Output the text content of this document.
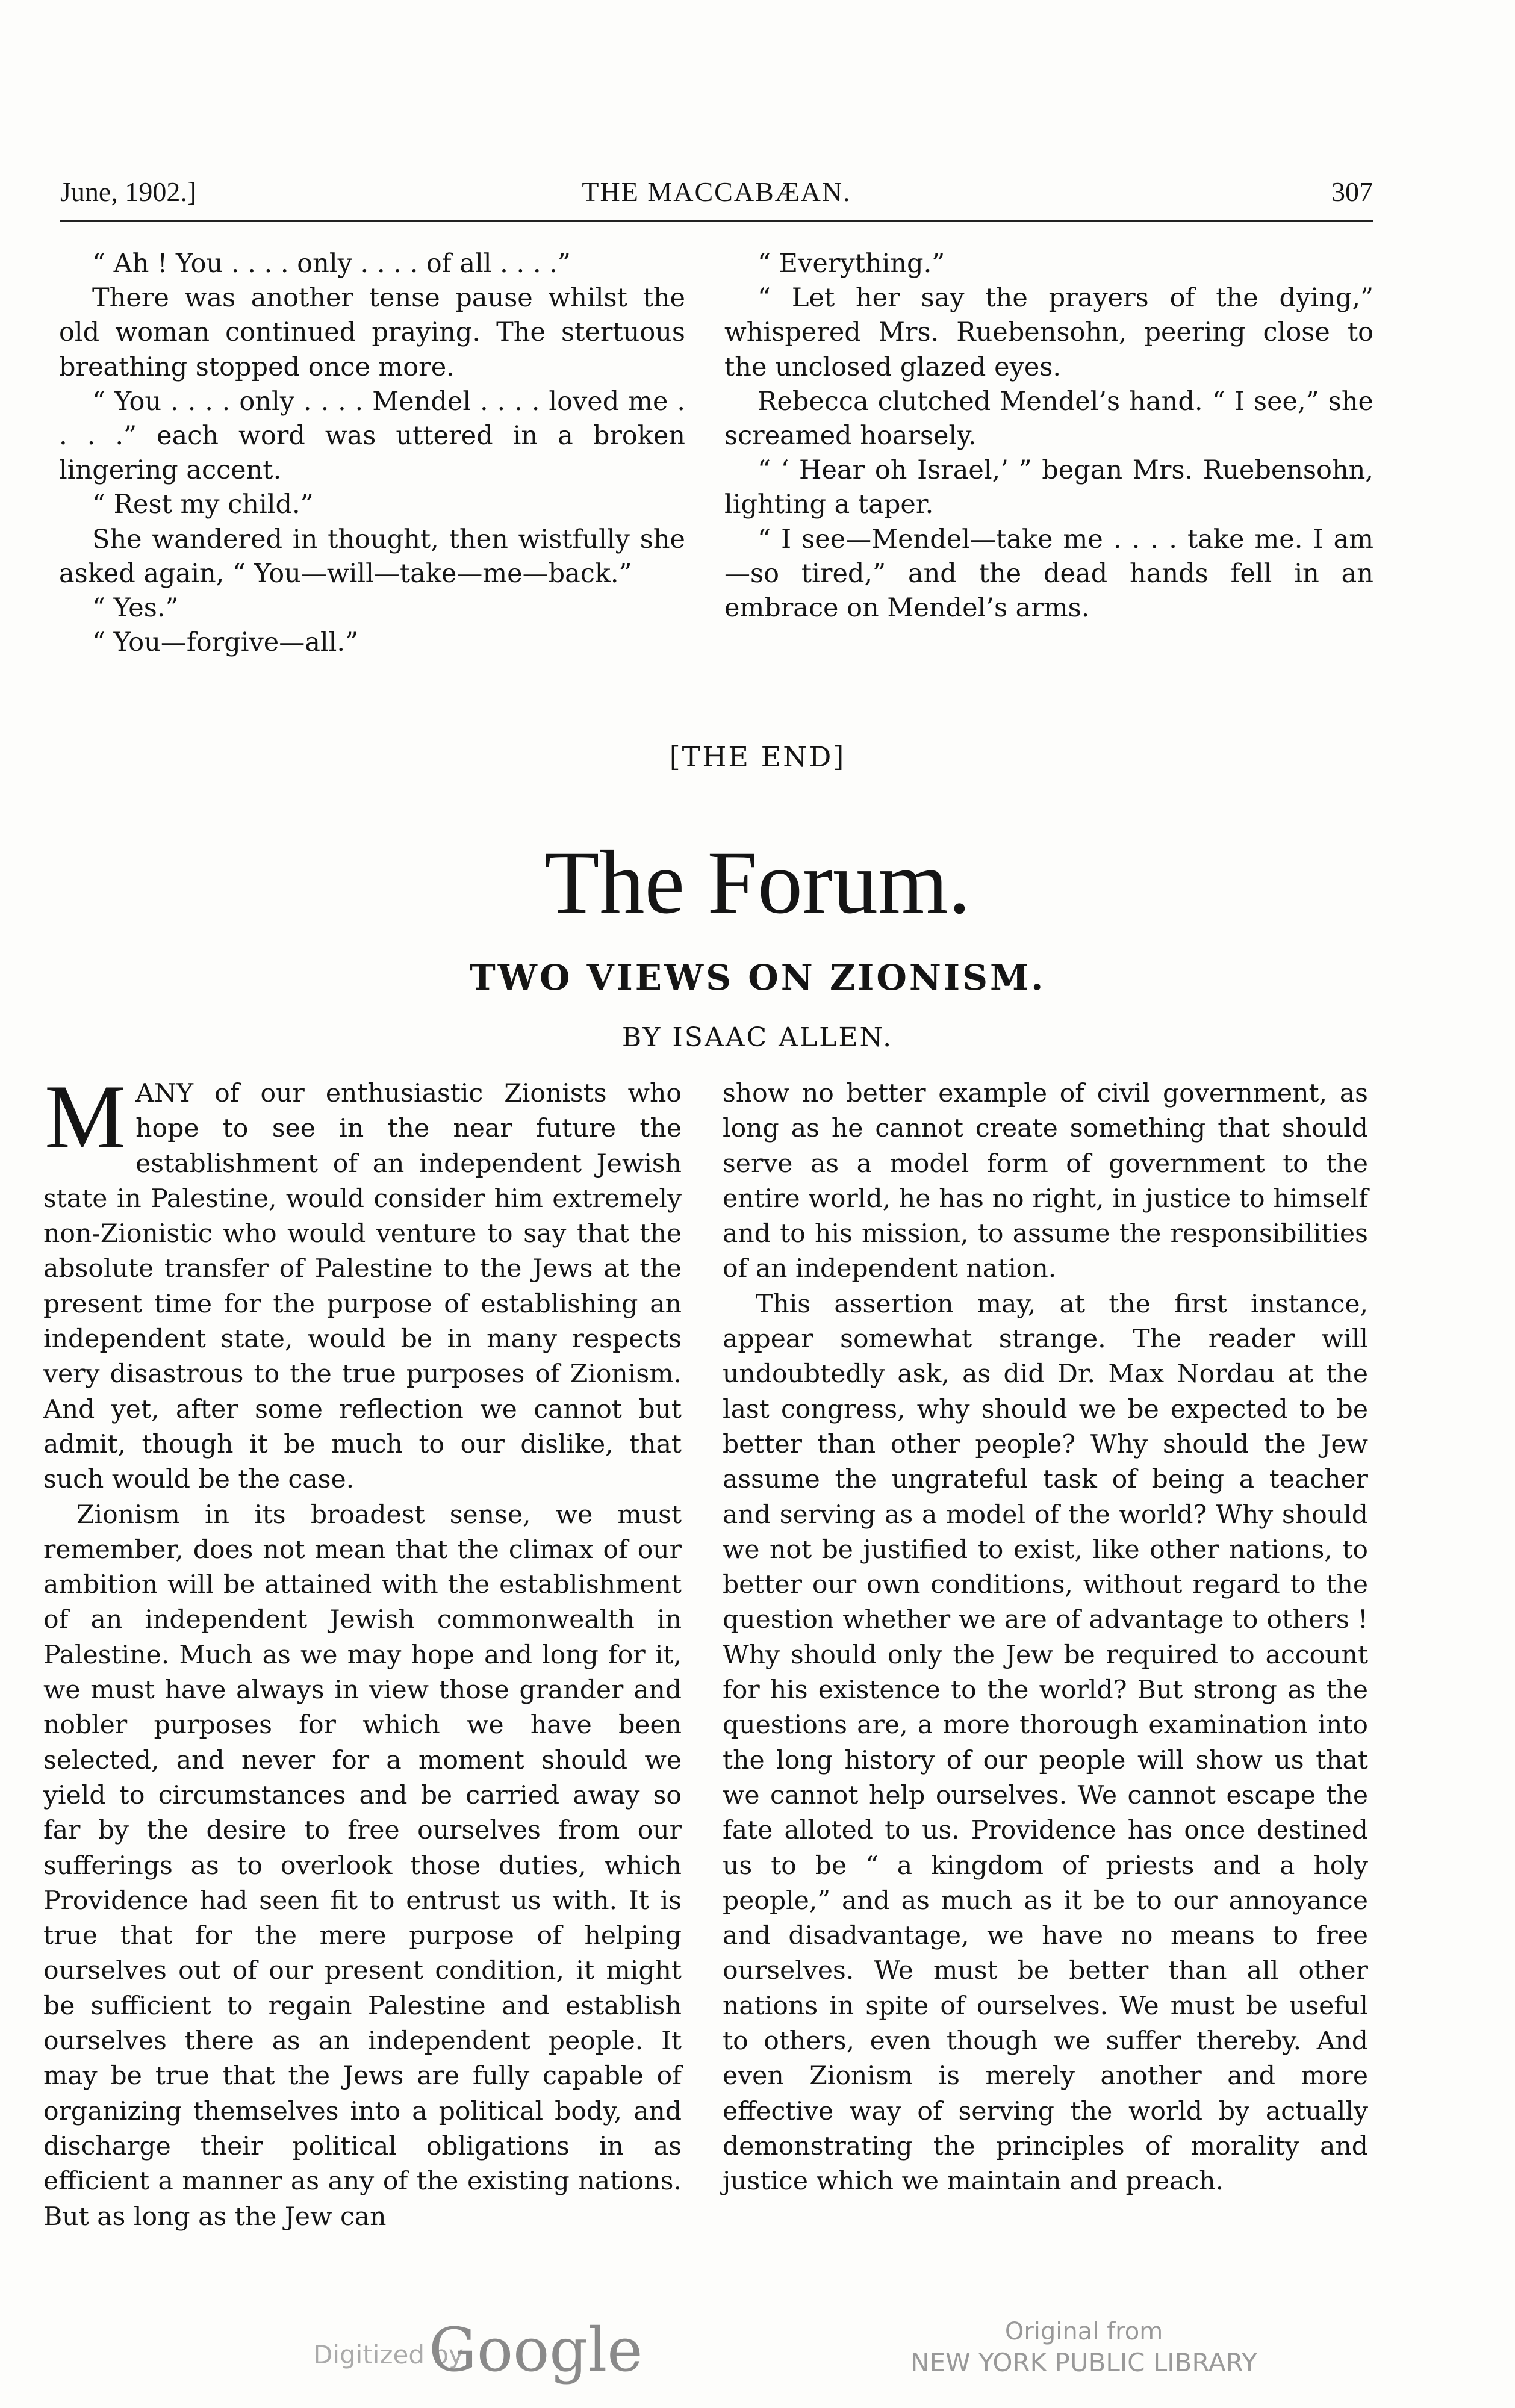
June, 1902.]	THE MACCABÆAN.	307

“ Ah ! You . . . . only . . . . of all . . . .”

There was another tense pause whilst the old woman continued praying. The stertuous breathing stopped once more.

“ You . . . . only . . . . Mendel . . . . loved me . . . .” each word was uttered in a broken lingering accent.

“ Rest my child.”

She wandered in thought, then wistfully she asked again, “ You—will—take—me—back.”

“ Yes.”

“ You—forgive—all.”

“ Everything.”

“ Let her say the prayers of the dying,” whispered Mrs. Ruebensohn, peering close to the unclosed glazed eyes.

Rebecca clutched Mendel’s hand. “ I see,” she screamed hoarsely.

“ ‘ Hear oh Israel,’ ” began Mrs. Ruebensohn, lighting a taper.

“ I see—Mendel—take me . . . . take me. I am—so tired,” and the dead hands fell in an embrace on Mendel’s arms.

[THE END]
The Forum.
TWO VIEWS ON ZIONISM.
BY ISAAC ALLEN.

MANY of our enthusiastic Zionists who hope to see in the near future the establishment of an independent Jewish state in Palestine, would consider him extremely non-Zionistic who would venture to say that the absolute transfer of Palestine to the Jews at the present time for the purpose of establishing an independent state, would be in many respects very disastrous to the true purposes of Zionism. And yet, after some reflection we cannot but admit, though it be much to our dislike, that such would be the case.

Zionism in its broadest sense, we must remember, does not mean that the climax of our ambition will be attained with the establishment of an independent Jewish commonwealth in Palestine. Much as we may hope and long for it, we must have always in view those grander and nobler purposes for which we have been selected, and never for a moment should we yield to circumstances and be carried away so far by the desire to free ourselves from our sufferings as to overlook those duties, which Providence had seen fit to entrust us with. It is true that for the mere purpose of helping ourselves out of our present condition, it might be sufficient to regain Palestine and establish ourselves there as an independent people. It may be true that the Jews are fully capable of organizing themselves into a political body, and discharge their political obligations in as efficient a manner as any of the existing nations. But as long as the Jew can

show no better example of civil government, as long as he cannot create something that should serve as a model form of government to the entire world, he has no right, in justice to himself and to his mission, to assume the responsibilities of an independent nation.

This assertion may, at the first instance, appear somewhat strange. The reader will undoubtedly ask, as did Dr. Max Nordau at the last congress, why should we be expected to be better than other people? Why should the Jew assume the ungrateful task of being a teacher and serving as a model of the world? Why should we not be justified to exist, like other nations, to better our own conditions, without regard to the question whether we are of advantage to others ! Why should only the Jew be required to account for his existence to the world? But strong as the questions are, a more thorough examination into the long history of our people will show us that we cannot help ourselves. We cannot escape the fate alloted to us. Providence has once destined us to be “ a kingdom of priests and a holy people,” and as much as it be to our annoyance and disadvantage, we have no means to free ourselves. We must be better than all other nations in spite of ourselves. We must be useful to others, even though we suffer thereby. And even Zionism is merely another and more effective way of serving the world by actually demonstrating the principles of morality and justice which we maintain and preach.

Digitized by
Google	Original from
NEW YORK PUBLIC LIBRARY
